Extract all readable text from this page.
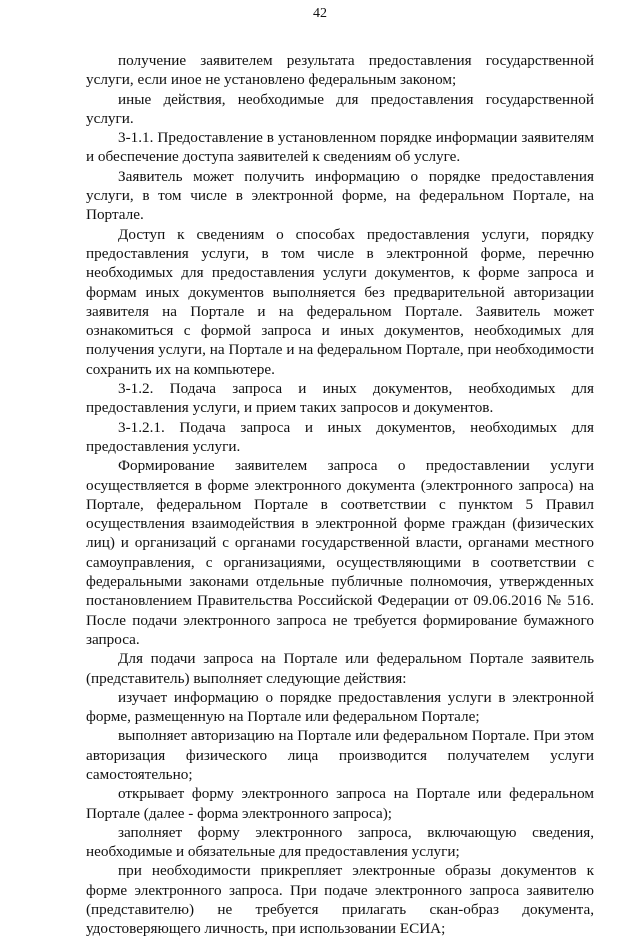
42

получение заявителем результата предоставления государственной услуги, если иное не установлено федеральным законом;

иные действия, необходимые для предоставления государственной услуги.

3-1.1. Предоставление в установленном порядке информации заявителям и обеспечение доступа заявителей к сведениям об услуге.

Заявитель может получить информацию о порядке предоставления услуги, в том числе в электронной форме, на федеральном Портале, на Портале.

Доступ к сведениям о способах предоставления услуги, порядку предоставления услуги, в том числе в электронной форме, перечню необходимых для предоставления услуги документов, к форме запроса и формам иных документов выполняется без предварительной авторизации заявителя на Портале и на федеральном Портале. Заявитель может ознакомиться с формой запроса и иных документов, необходимых для получения услуги, на Портале и на федеральном Портале, при необходимости сохранить их на компьютере.

3-1.2. Подача запроса и иных документов, необходимых для предоставления услуги, и прием таких запросов и документов.

3-1.2.1. Подача запроса и иных документов, необходимых для предоставления услуги.

Формирование заявителем запроса о предоставлении услуги осуществляется в форме электронного документа (электронного запроса) на Портале, федеральном Портале в соответствии с пунктом 5 Правил осуществления взаимодействия в электронной форме граждан (физических лиц) и организаций с органами государственной власти, органами местного самоуправления, с организациями, осуществляющими в соответствии с федеральными законами отдельные публичные полномочия, утвержденных постановлением Правительства Российской Федерации от 09.06.2016 № 516. После подачи электронного запроса не требуется формирование бумажного запроса.

Для подачи запроса на Портале или федеральном Портале заявитель (представитель) выполняет следующие действия:

изучает информацию о порядке предоставления услуги в электронной форме, размещенную на Портале или федеральном Портале;

выполняет авторизацию на Портале или федеральном Портале. При этом авторизация физического лица производится получателем услуги самостоятельно;

открывает форму электронного запроса на Портале или федеральном Портале (далее - форма электронного запроса);

заполняет форму электронного запроса, включающую сведения, необходимые и обязательные для предоставления услуги;

при необходимости прикрепляет электронные образы документов к форме электронного запроса. При подаче электронного запроса заявителю (представителю) не требуется прилагать скан-образ документа, удостоверяющего личность, при использовании ЕСИА;
